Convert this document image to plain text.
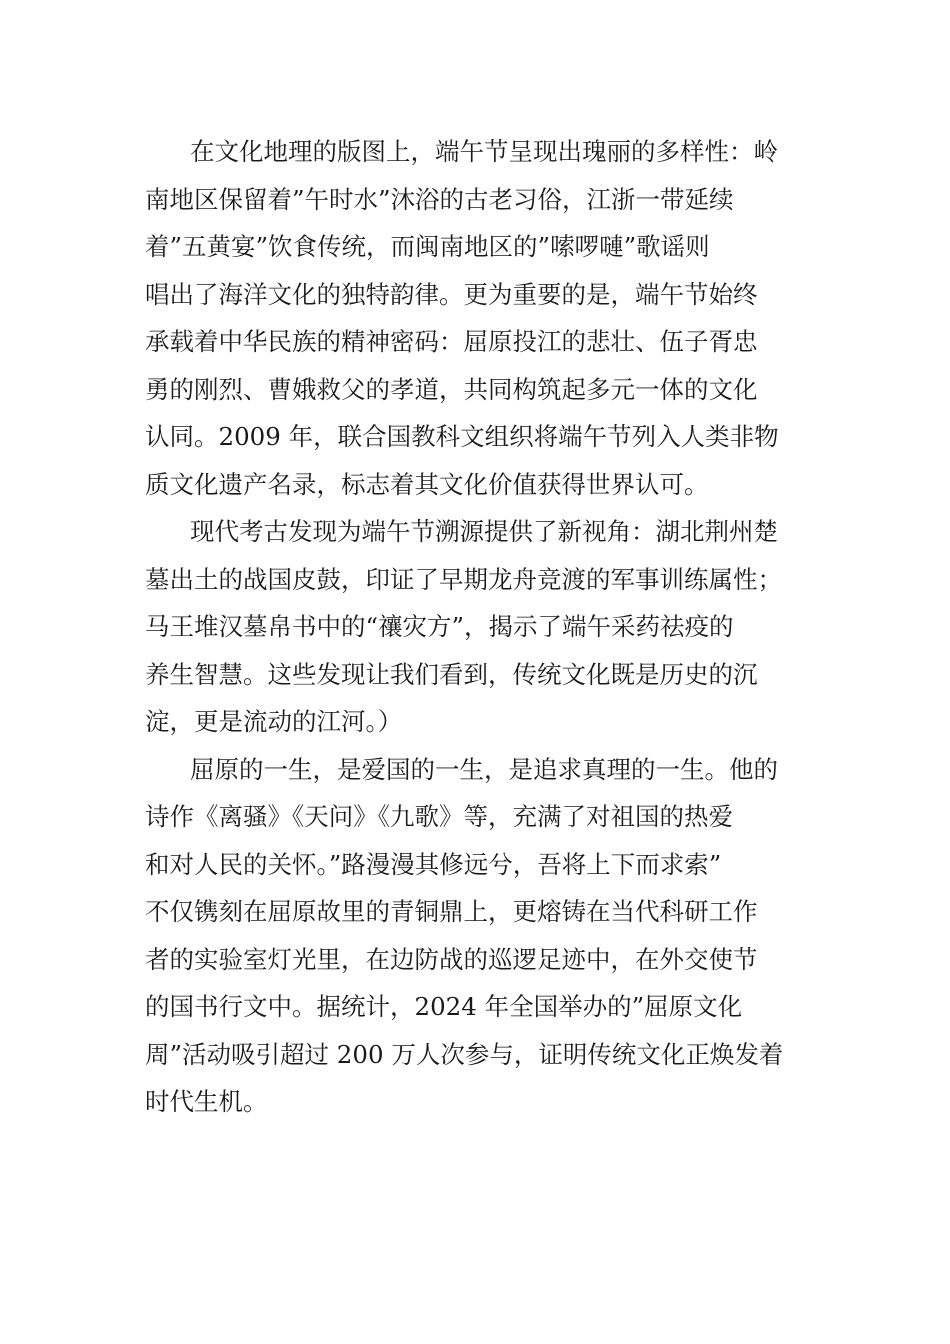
在文化地理的版图上，端午节呈现出瑰丽的多样性：岭
南地区保留着”午时水”沐浴的古老习俗，江浙一带延续
着”五黄宴”饮食传统，而闽南地区的”嗦啰嗹”歌谣则
唱出了海洋文化的独特韵律。更为重要的是，端午节始终
承载着中华民族的精神密码：屈原投江的悲壮、伍子胥忠
勇的刚烈、曹娥救父的孝道，共同构筑起多元一体的文化
认同。2009 年，联合国教科文组织将端午节列入人类非物
质文化遗产名录，标志着其文化价值获得世界认可。
现代考古发现为端午节溯源提供了新视角：湖北荆州楚
墓出土的战国皮鼓，印证了早期龙舟竞渡的军事训练属性；
马王堆汉墓帛书中的“禳灾方”，揭示了端午采药祛疫的
养生智慧。这些发现让我们看到，传统文化既是历史的沉
淀，更是流动的江河。）
屈原的一生，是爱国的一生，是追求真理的一生。他的
诗作《离骚》《天问》《九歌》等，充满了对祖国的热爱
和对人民的关怀。”路漫漫其修远兮，吾将上下而求索”
不仅镌刻在屈原故里的青铜鼎上，更熔铸在当代科研工作
者的实验室灯光里，在边防战的巡逻足迹中，在外交使节
的国书行文中。据统计，2024 年全国举办的”屈原文化
周”活动吸引超过 200 万人次参与，证明传统文化正焕发着
时代生机。
